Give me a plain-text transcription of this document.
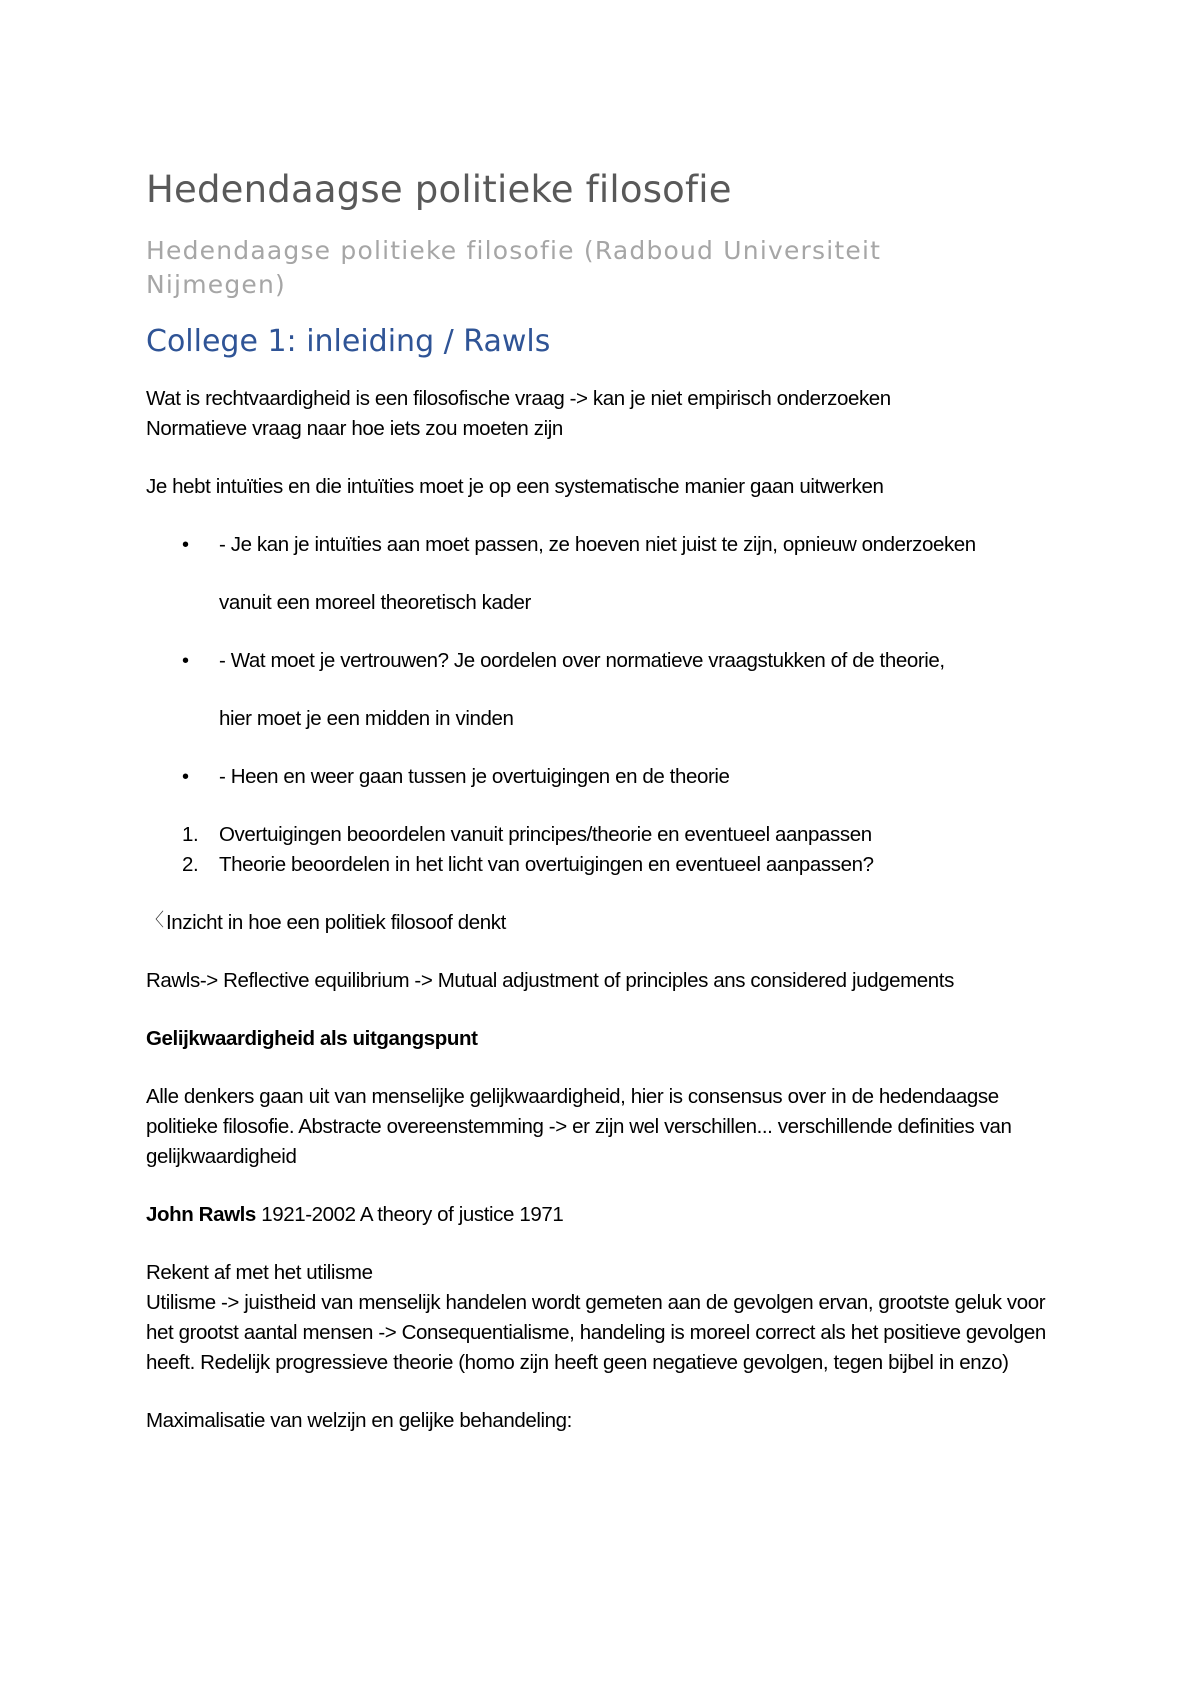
Hedendaagse politieke filosofie
Hedendaagse politieke filosofie (Radboud Universiteit Nijmegen)
College 1: inleiding / Rawls
Wat is rechtvaardigheid is een filosofische vraag -> kan je niet empirisch onderzoeken
Normatieve vraag naar hoe iets zou moeten zijn
Je hebt intuïties en die intuïties moet je op een systematische manier gaan uitwerken
• - Je kan je intuïties aan moet passen, ze hoeven niet juist te zijn, opnieuw onderzoeken
vanuit een moreel theoretisch kader
• - Wat moet je vertrouwen? Je oordelen over normatieve vraagstukken of de theorie,
hier moet je een midden in vinden
• - Heen en weer gaan tussen je overtuigingen en de theorie
1. Overtuigingen beoordelen vanuit principes/theorie en eventueel aanpassen
2. Theorie beoordelen in het licht van overtuigingen en eventueel aanpassen?
〈 Inzicht in hoe een politiek filosoof denkt
Rawls-> Reflective equilibrium -> Mutual adjustment of principles ans considered judgements
Gelijkwaardigheid als uitgangspunt
Alle denkers gaan uit van menselijke gelijkwaardigheid, hier is consensus over in de hedendaagse politieke filosofie. Abstracte overeenstemming -> er zijn wel verschillen... verschillende definities van gelijkwaardigheid
John Rawls 1921-2002 A theory of justice 1971
Rekent af met het utilisme
Utilisme -> juistheid van menselijk handelen wordt gemeten aan de gevolgen ervan, grootste geluk voor het grootst aantal mensen -> Consequentialisme, handeling is moreel correct als het positieve gevolgen heeft. Redelijk progressieve theorie (homo zijn heeft geen negatieve gevolgen, tegen bijbel in enzo)
Maximalisatie van welzijn en gelijke behandeling:
